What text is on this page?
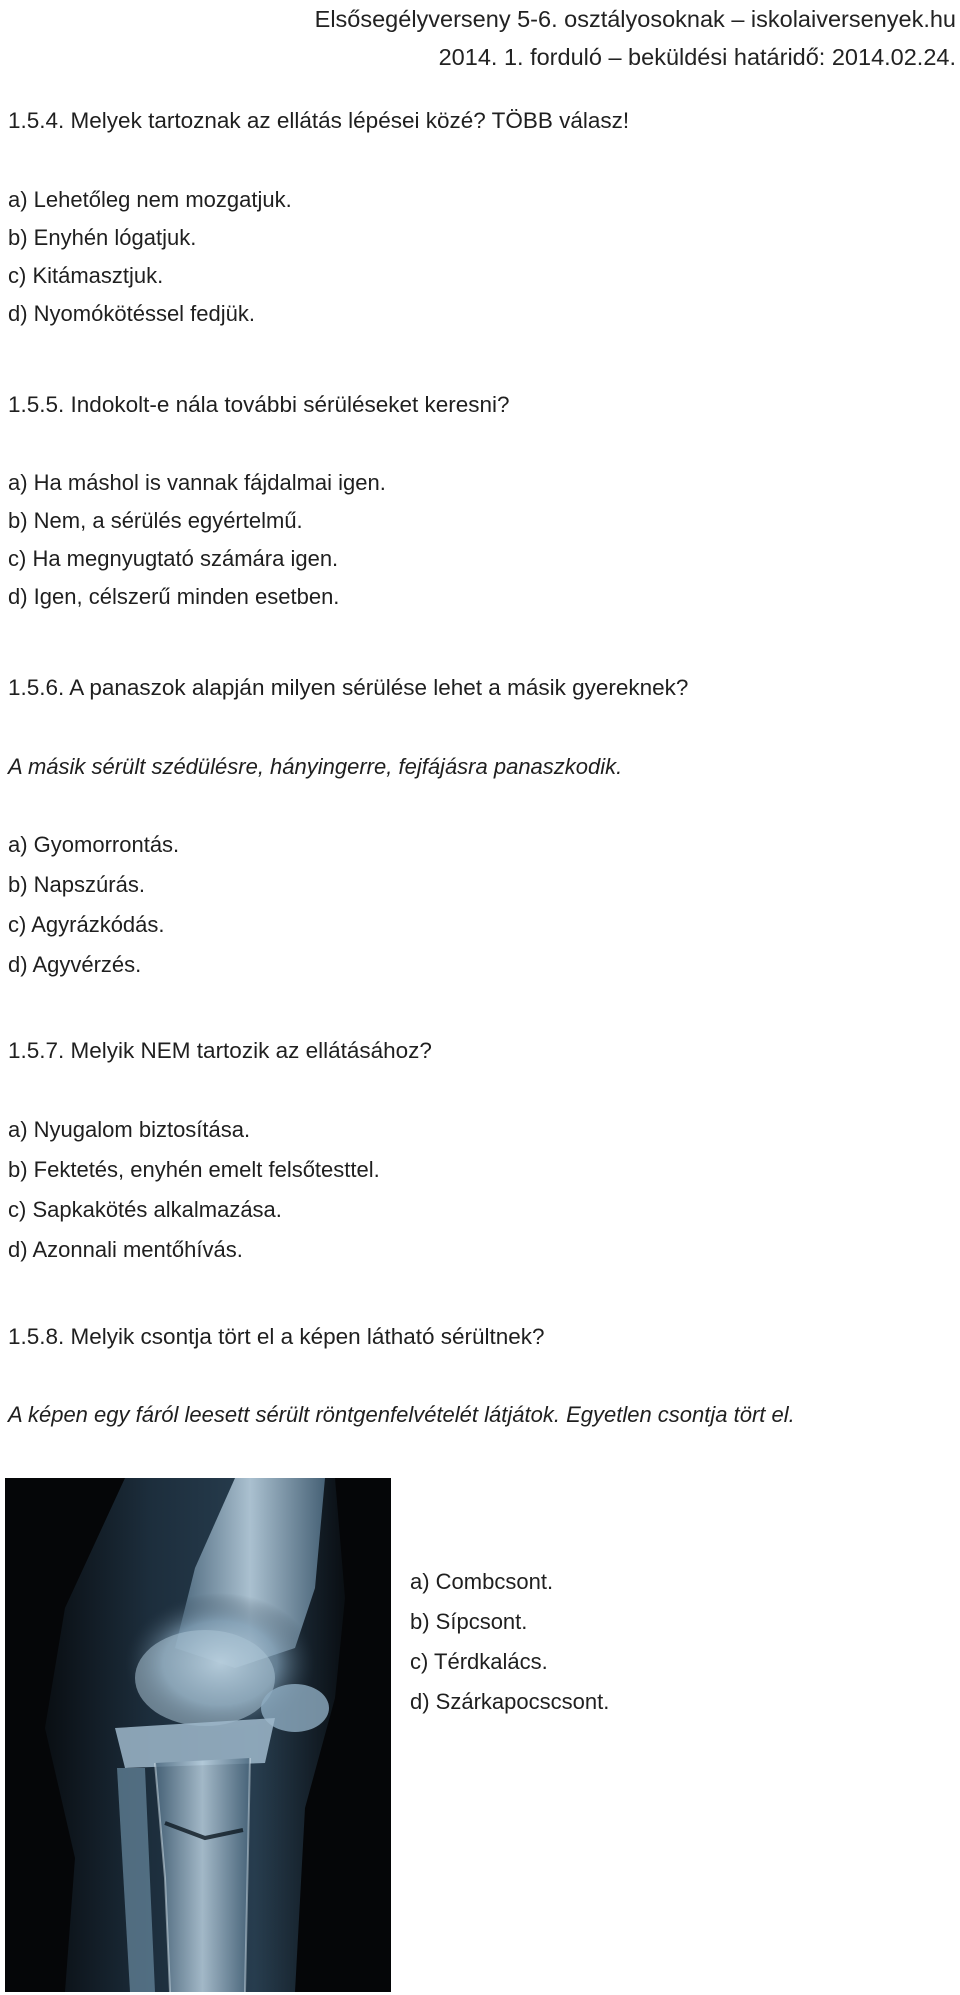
Elsősegélyverseny 5-6. osztályosoknak – iskolaiversenyek.hu
2014. 1. forduló – beküldési határidő: 2014.02.24.
1.5.4. Melyek tartoznak az ellátás lépései közé? TÖBB válasz!
a) Lehetőleg nem mozgatjuk.
b) Enyhén lógatjuk.
c) Kitámasztjuk.
d) Nyomókötéssel fedjük.
1.5.5. Indokolt-e nála további sérüléseket keresni?
a) Ha máshol is vannak fájdalmai igen.
b) Nem, a sérülés egyértelmű.
c) Ha megnyugtató számára igen.
d) Igen, célszerű minden esetben.
1.5.6. A panaszok alapján milyen sérülése lehet a másik gyereknek?
A másik sérült szédülésre, hányingerre, fejfájásra panaszkodik.
a) Gyomorrontás.
b) Napszúrás.
c) Agyrázkódás.
d) Agyvérzés.
1.5.7. Melyik NEM tartozik az ellátásához?
a) Nyugalom biztosítása.
b) Fektetés, enyhén emelt felsőtesttel.
c) Sapkakötés alkalmazása.
d) Azonnali mentőhívás.
1.5.8. Melyik csontja tört el a képen látható sérültnek?
A képen egy fáról leesett sérült röntgenfelvételét látjátok. Egyetlen csontja tört el.
a) Combcsont.
b) Sípcsont.
c) Térdkalács.
d) Szárkapocscsont.
